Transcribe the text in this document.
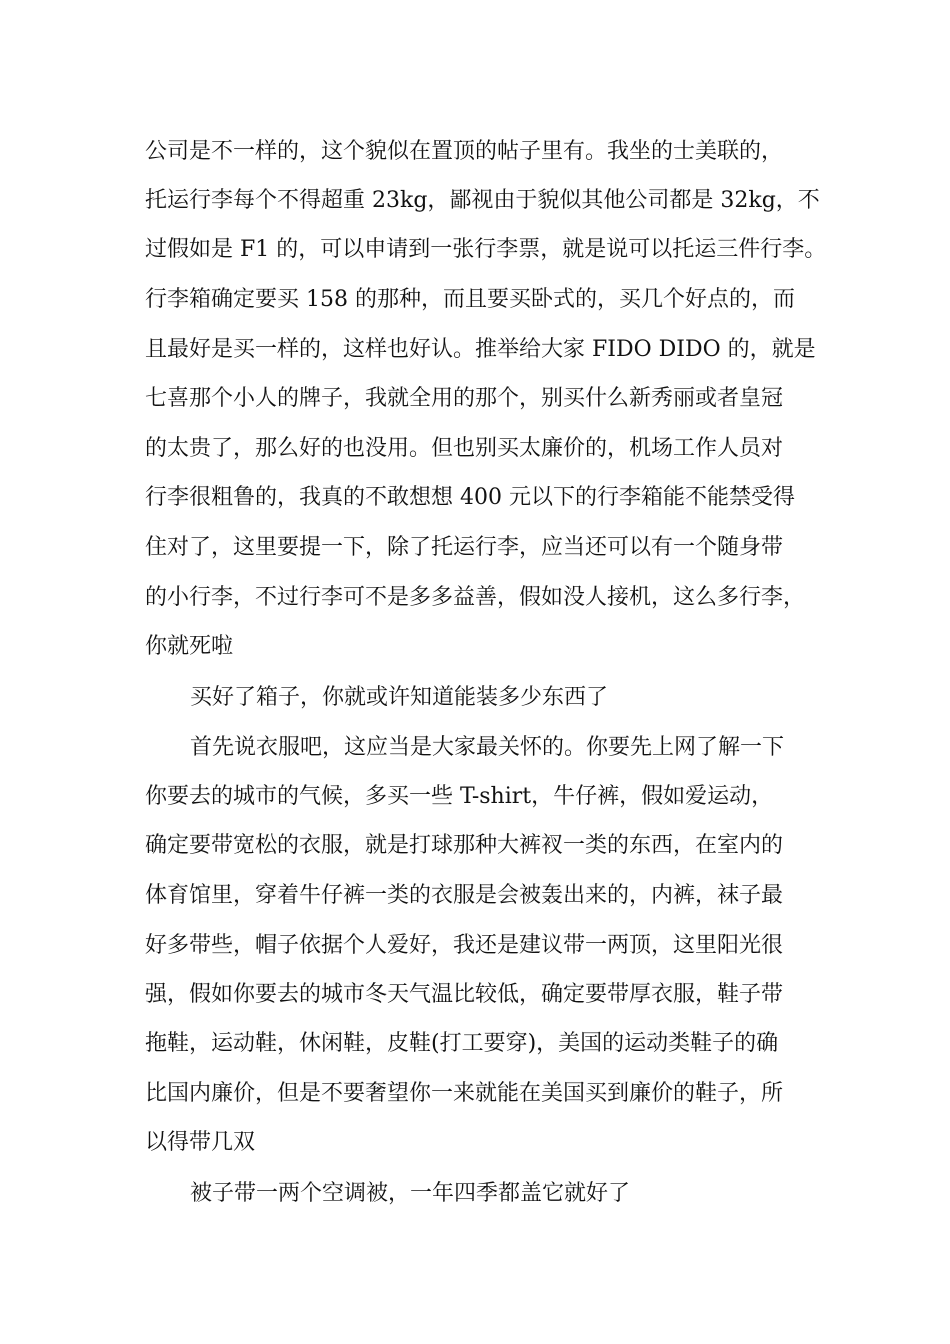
公司是不一样的，这个貌似在置顶的帖子里有。我坐的士美联的，
托运行李每个不得超重 23kg，鄙视由于貌似其他公司都是 32kg，不
过假如是 F1 的，可以申请到一张行李票，就是说可以托运三件行李。
行李箱确定要买 158 的那种，而且要买卧式的，买几个好点的，而
且最好是买一样的，这样也好认。推举给大家 FIDO DIDO 的，就是
七喜那个小人的牌子，我就全用的那个，别买什么新秀丽或者皇冠
的太贵了，那么好的也没用。但也别买太廉价的，机场工作人员对
行李很粗鲁的，我真的不敢想想 400 元以下的行李箱能不能禁受得
住对了，这里要提一下，除了托运行李，应当还可以有一个随身带
的小行李，不过行李可不是多多益善，假如没人接机，这么多行李，
你就死啦
买好了箱子，你就或许知道能装多少东西了
首先说衣服吧，这应当是大家最关怀的。你要先上网了解一下
你要去的城市的气候，多买一些 T-shirt，牛仔裤，假如爱运动，
确定要带宽松的衣服，就是打球那种大裤衩一类的东西，在室内的
体育馆里，穿着牛仔裤一类的衣服是会被轰出来的，内裤，袜子最
好多带些，帽子依据个人爱好，我还是建议带一两顶，这里阳光很
强，假如你要去的城市冬天气温比较低，确定要带厚衣服，鞋子带
拖鞋，运动鞋，休闲鞋，皮鞋(打工要穿)，美国的运动类鞋子的确
比国内廉价，但是不要奢望你一来就能在美国买到廉价的鞋子，所
以得带几双
被子带一两个空调被，一年四季都盖它就好了
